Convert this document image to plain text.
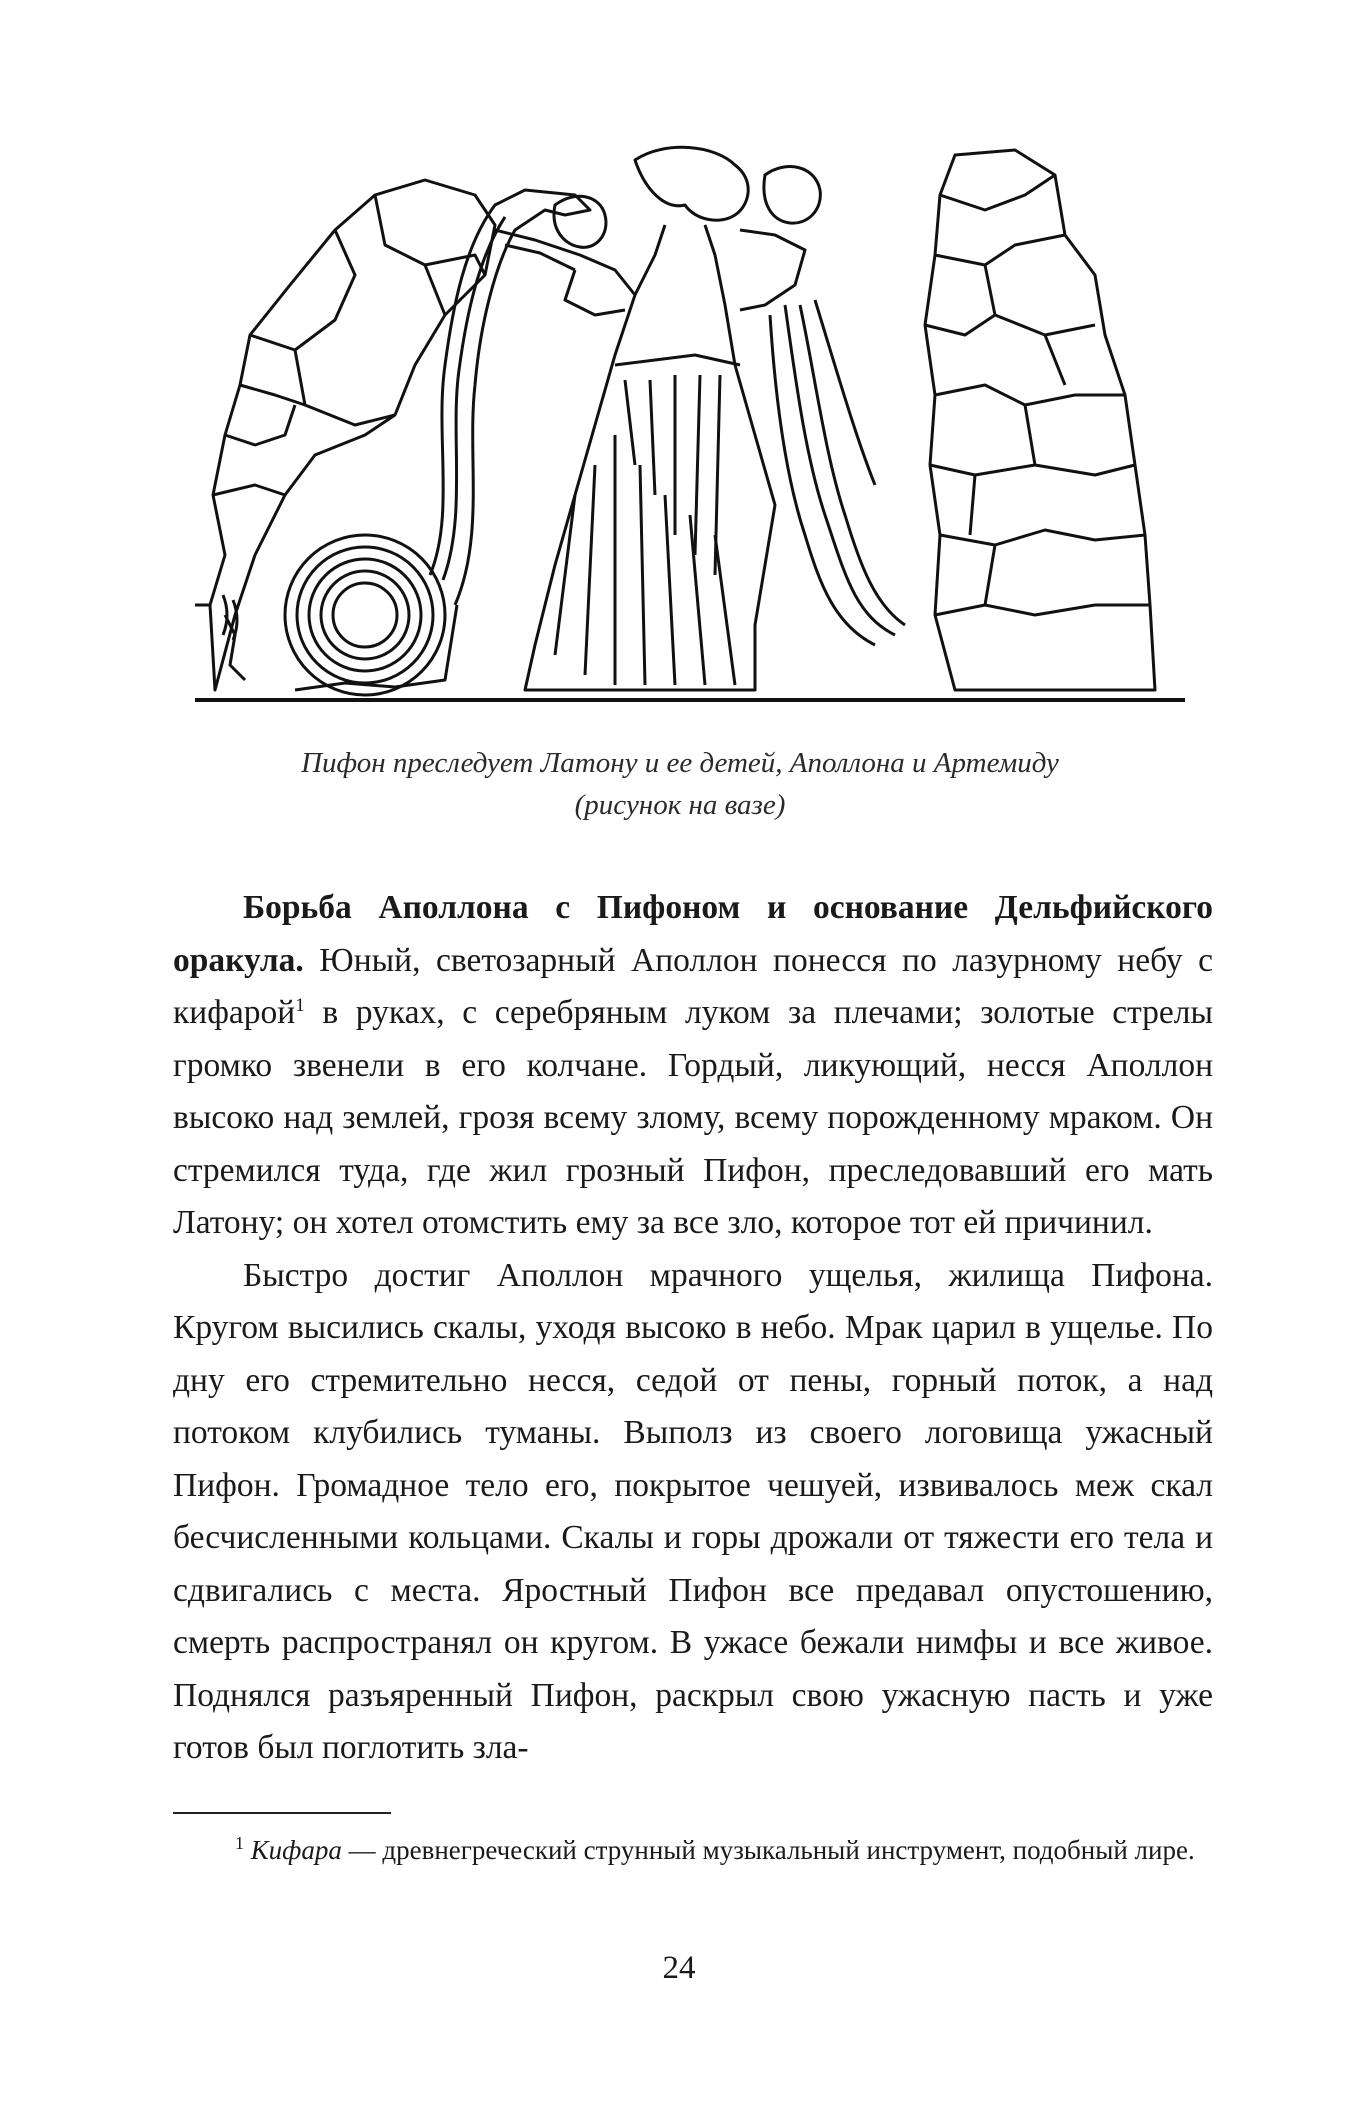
Пифон преследует Латону и ее детей, Аполлона и Артемиду
(рисунок на вазе)

Борьба Аполлона с Пифоном и основание Дельфийского оракула. Юный, светозарный Аполлон понесся по лазурному небу с кифарой$^1$ в руках, с серебряным луком за плечами; золотые стрелы громко звенели в его колчане. Гордый, ликующий, несся Аполлон высоко над землей, грозя всему злому, всему порожденному мраком. Он стремился туда, где жил грозный Пифон, преследовавший его мать Латону; он хотел отомстить ему за все зло, которое тот ей причинил.

Быстро достиг Аполлон мрачного ущелья, жилища Пифона. Кругом высились скалы, уходя высоко в небо. Мрак царил в ущелье. По дну его стремительно несся, седой от пены, горный поток, а над потоком клубились туманы. Выполз из своего логовища ужасный Пифон. Громадное тело его, покрытое чешуей, извивалось меж скал бесчисленными кольцами. Скалы и горы дрожали от тяжести его тела и сдвигались с места. Яростный Пифон все предавал опустошению, смерть распространял он кругом. В ужасе бежали нимфы и все живое. Поднялся разъяренный Пифон, раскрыл свою ужасную пасть и уже готов был поглотить зла-

$^1$ Кифара — древнегреческий струнный музыкальный инструмент, подобный лире.

24
